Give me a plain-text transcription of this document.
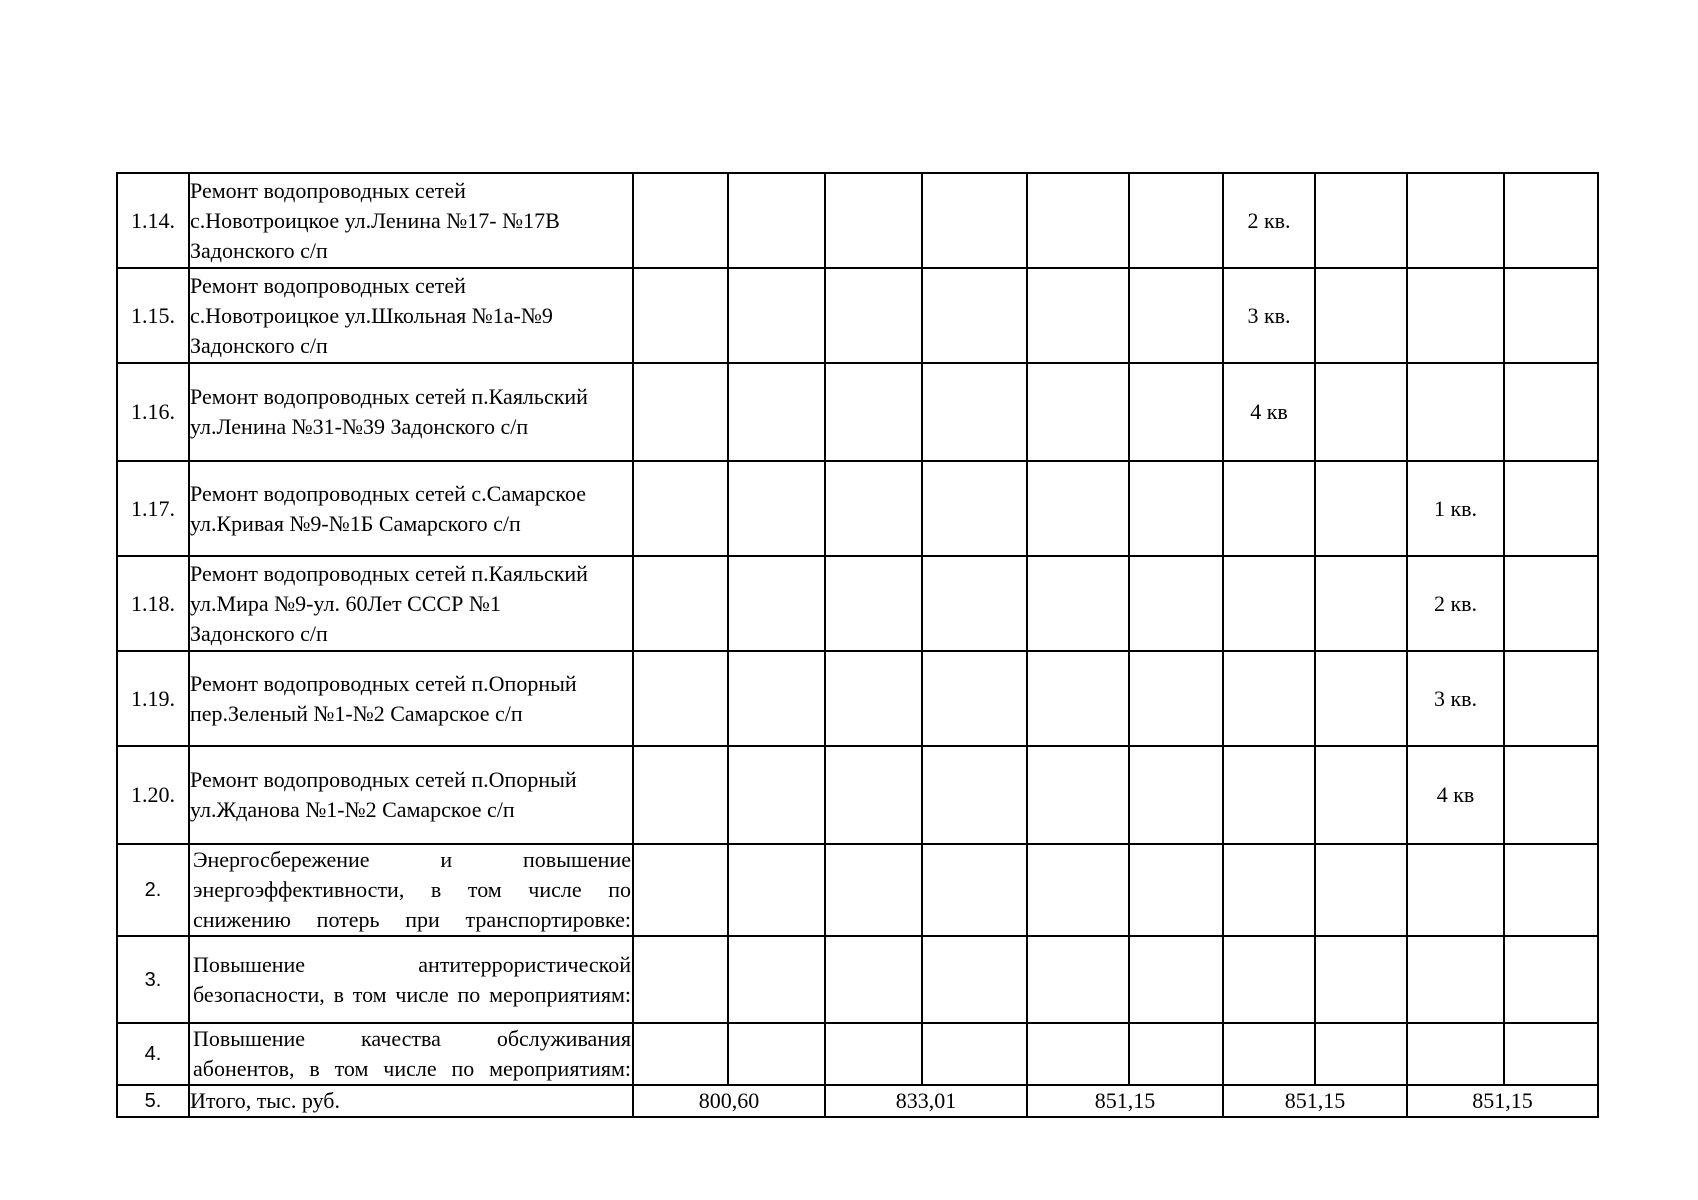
1.14.	Ремонт водопроводных сетей
с.Новотроицкое ул.Ленина №17- №17В
Задонского с/п							2 кв.			
1.15.	Ремонт водопроводных сетей
с.Новотроицкое ул.Школьная №1а-№9
Задонского с/п							3 кв.			
1.16.	Ремонт водопроводных сетей п.Каяльский
ул.Ленина №31-№39 Задонского с/п							4 кв			
1.17.	Ремонт водопроводных сетей с.Самарское
ул.Кривая №9-№1Б Самарского с/п									1 кв.	
1.18.	Ремонт водопроводных сетей п.Каяльский
ул.Мира №9-ул. 60Лет СССР №1
Задонского с/п									2 кв.	
1.19.	Ремонт водопроводных сетей п.Опорный
пер.Зеленый №1-№2 Самарское с/п									3 кв.	
1.20.	Ремонт водопроводных сетей п.Опорный
ул.Жданова №1-№2 Самарское с/п									4 кв	
2.	Энергосбережение и повышение энергоэффективности, в том числе по снижению потерь при транспортировке:										
3.	Повышение антитеррористической безопасности, в том числе по мероприятиям:										
4.	Повышение качества обслуживания абонентов, в том числе по мероприятиям:										
5.	Итого, тыс. руб.	800,60		833,01		851,15		851,15		851,15	
